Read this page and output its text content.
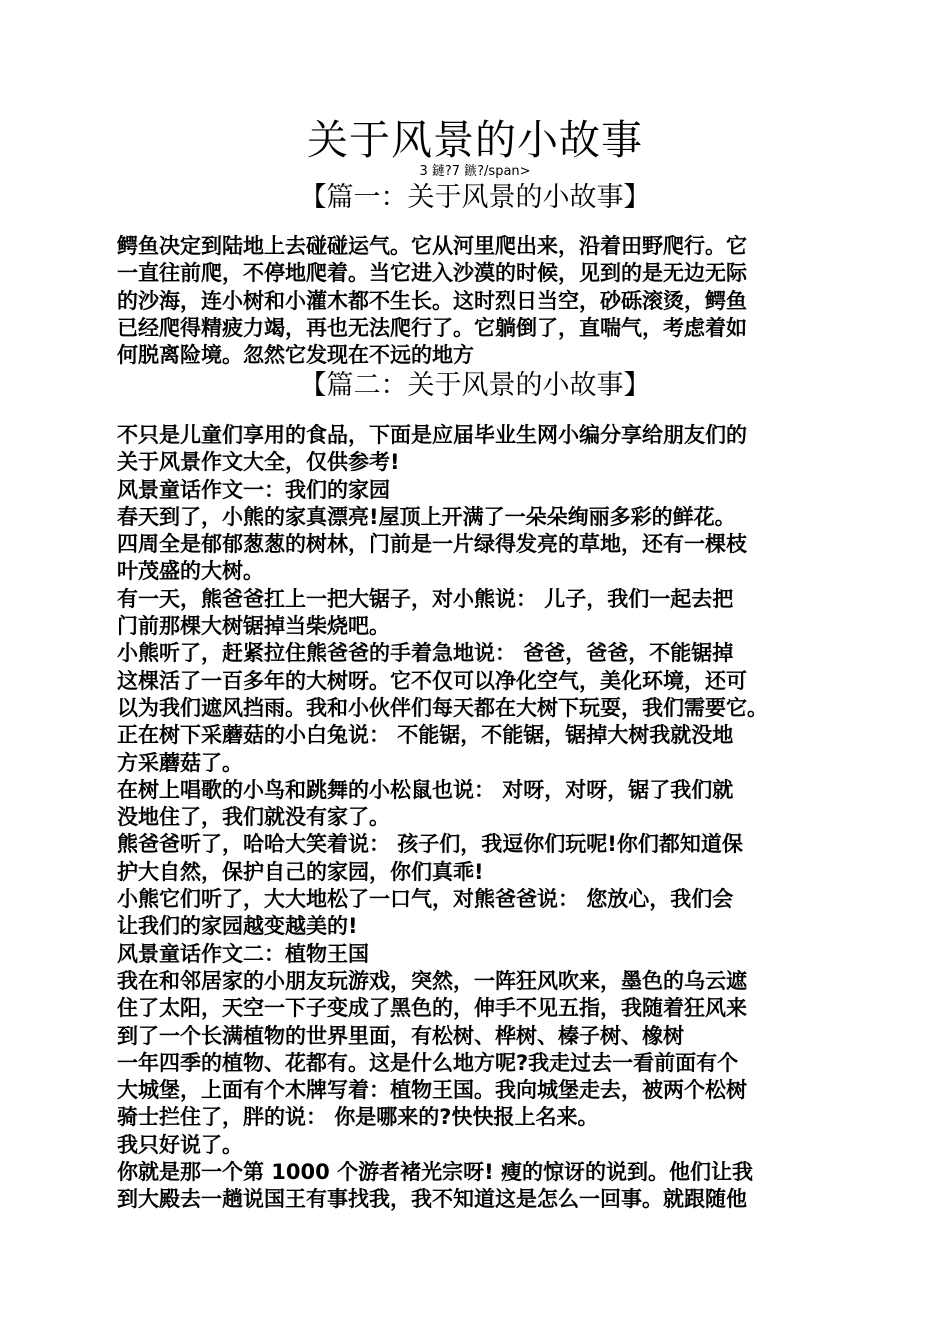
关于风景的小故事
3 鏈?7 鏃?/span>
【篇一：关于风景的小故事】
鳄鱼决定到陆地上去碰碰运气。它从河里爬出来，沿着田野爬行。它
一直往前爬，不停地爬着。当它进入沙漠的时候，见到的是无边无际
的沙海，连小树和小灌木都不生长。这时烈日当空，砂砾滚烫，鳄鱼
已经爬得精疲力竭，再也无法爬行了。它躺倒了，直喘气，考虑着如
何脱离险境。忽然它发现在不远的地方
【篇二：关于风景的小故事】
不只是儿童们享用的食品，下面是应届毕业生网小编分享给朋友们的
关于风景作文大全，仅供参考!
风景童话作文一：我们的家园
春天到了，小熊的家真漂亮!屋顶上开满了一朵朵绚丽多彩的鲜花。
四周全是郁郁葱葱的树林，门前是一片绿得发亮的草地，还有一棵枝
叶茂盛的大树。
有一天，熊爸爸扛上一把大锯子，对小熊说： 儿子，我们一起去把
门前那棵大树锯掉当柴烧吧。
小熊听了，赶紧拉住熊爸爸的手着急地说： 爸爸，爸爸，不能锯掉
这棵活了一百多年的大树呀。它不仅可以净化空气，美化环境，还可
以为我们遮风挡雨。我和小伙伴们每天都在大树下玩耍，我们需要它。
正在树下采蘑菇的小白兔说： 不能锯，不能锯，锯掉大树我就没地
方采蘑菇了。
在树上唱歌的小鸟和跳舞的小松鼠也说： 对呀，对呀，锯了我们就
没地住了，我们就没有家了。
熊爸爸听了，哈哈大笑着说： 孩子们，我逗你们玩呢!你们都知道保
护大自然，保护自己的家园，你们真乖!
小熊它们听了，大大地松了一口气，对熊爸爸说： 您放心，我们会
让我们的家园越变越美的!
风景童话作文二：植物王国
我在和邻居家的小朋友玩游戏，突然，一阵狂风吹来，墨色的乌云遮
住了太阳，天空一下子变成了黑色的，伸手不见五指，我随着狂风来
到了一个长满植物的世界里面，有松树、桦树、榛子树、橡树
一年四季的植物、花都有。这是什么地方呢?我走过去一看前面有个
大城堡，上面有个木牌写着：植物王国。我向城堡走去，被两个松树
骑士拦住了，胖的说： 你是哪来的?快快报上名来。
我只好说了。
你就是那一个第 1000 个游者褚光宗呀! 瘦的惊讶的说到。他们让我
到大殿去一趟说国王有事找我，我不知道这是怎么一回事。就跟随他
